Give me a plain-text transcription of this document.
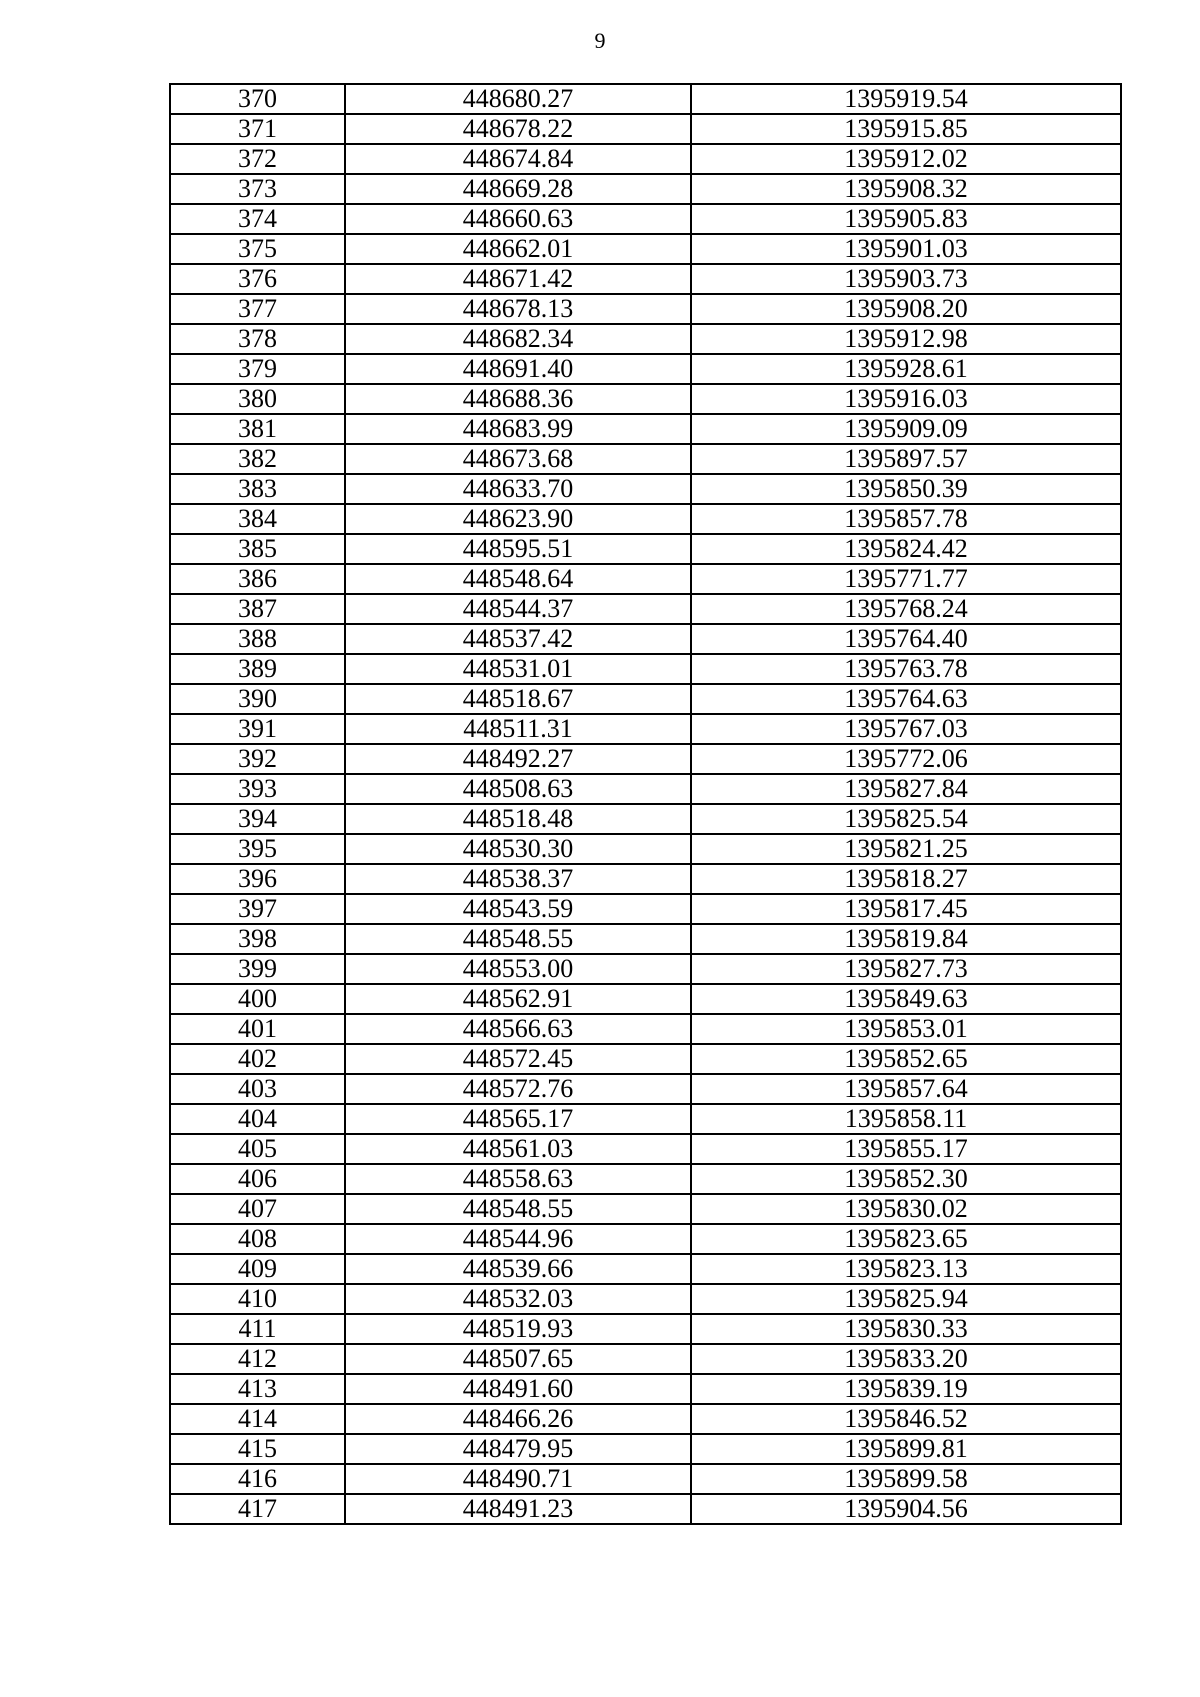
9
370	448680.27	1395919.54
371	448678.22	1395915.85
372	448674.84	1395912.02
373	448669.28	1395908.32
374	448660.63	1395905.83
375	448662.01	1395901.03
376	448671.42	1395903.73
377	448678.13	1395908.20
378	448682.34	1395912.98
379	448691.40	1395928.61
380	448688.36	1395916.03
381	448683.99	1395909.09
382	448673.68	1395897.57
383	448633.70	1395850.39
384	448623.90	1395857.78
385	448595.51	1395824.42
386	448548.64	1395771.77
387	448544.37	1395768.24
388	448537.42	1395764.40
389	448531.01	1395763.78
390	448518.67	1395764.63
391	448511.31	1395767.03
392	448492.27	1395772.06
393	448508.63	1395827.84
394	448518.48	1395825.54
395	448530.30	1395821.25
396	448538.37	1395818.27
397	448543.59	1395817.45
398	448548.55	1395819.84
399	448553.00	1395827.73
400	448562.91	1395849.63
401	448566.63	1395853.01
402	448572.45	1395852.65
403	448572.76	1395857.64
404	448565.17	1395858.11
405	448561.03	1395855.17
406	448558.63	1395852.30
407	448548.55	1395830.02
408	448544.96	1395823.65
409	448539.66	1395823.13
410	448532.03	1395825.94
411	448519.93	1395830.33
412	448507.65	1395833.20
413	448491.60	1395839.19
414	448466.26	1395846.52
415	448479.95	1395899.81
416	448490.71	1395899.58
417	448491.23	1395904.56
